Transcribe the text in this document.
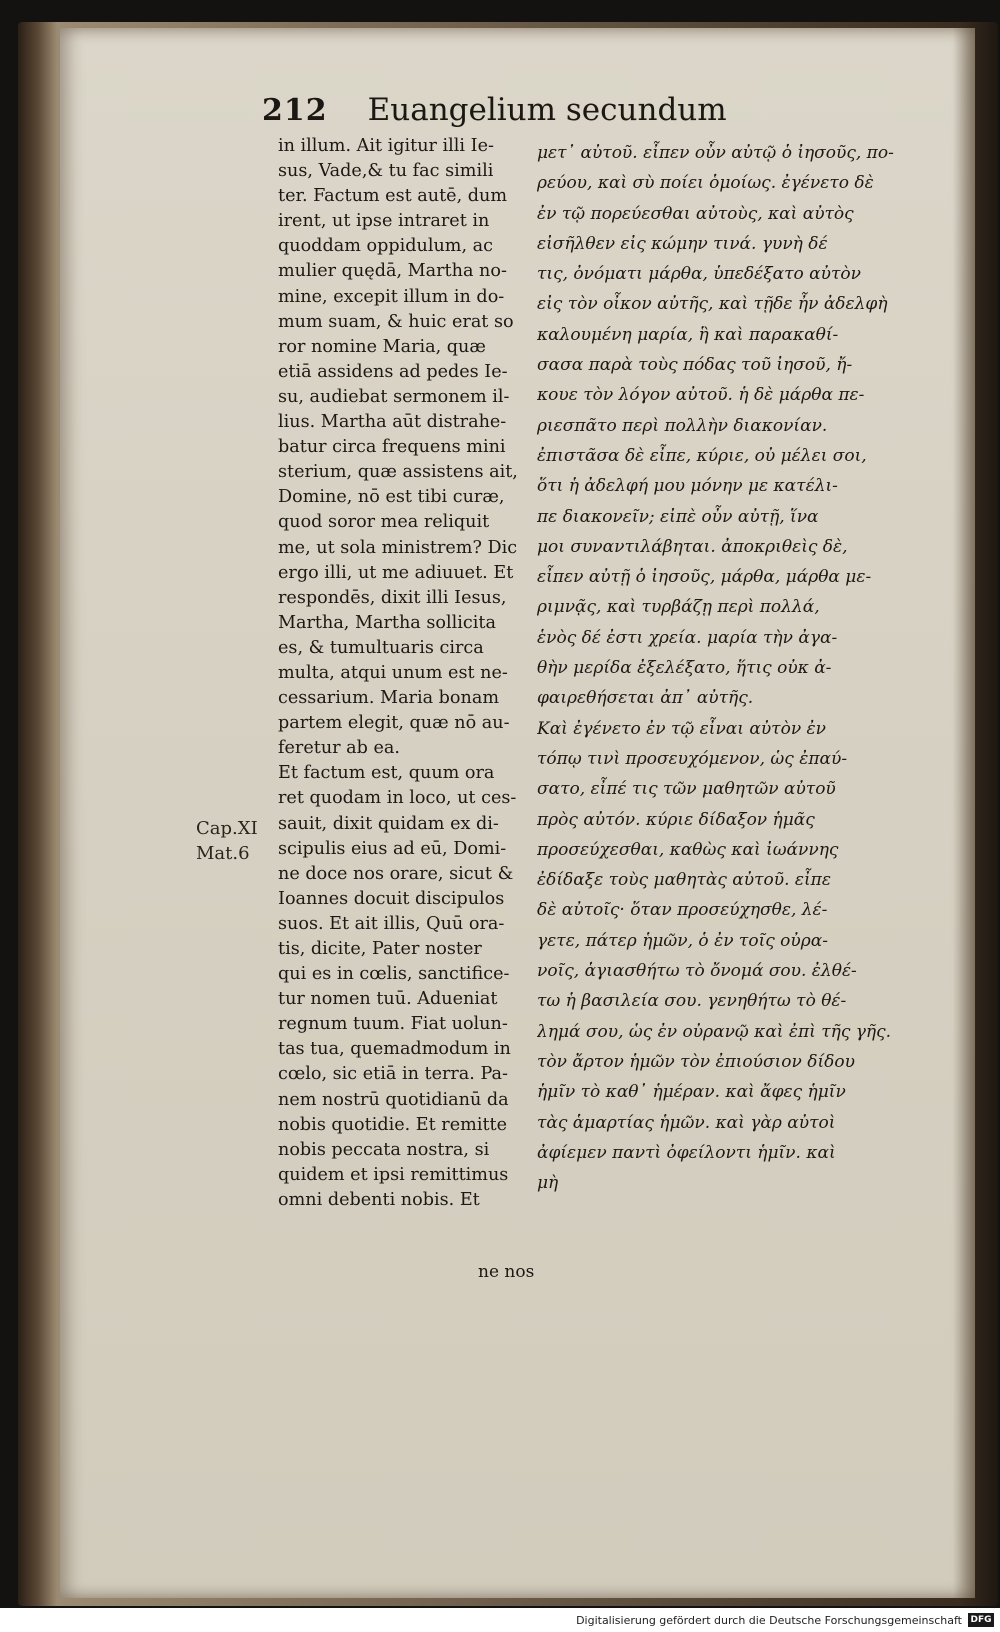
212 Euangelium secundum
Cap.XI
Mat.6
in illum. Ait igitur illi Ie-
sus, Vade,& tu fac simili
ter. Factum est autē, dum
irent, ut ipse intraret in
quoddam oppidulum, ac
mulier quędā, Martha no-
mine, excepit illum in do-
mum suam, & huic erat so
ror nomine Maria, quæ
etiā assidens ad pedes Ie-
su, audiebat sermonem il-
lius. Martha aūt distrahe-
batur circa frequens mini
sterium, quæ assistens ait,
Domine, nō est tibi curæ,
quod soror mea reliquit
me, ut sola ministrem? Dic
ergo illi, ut me adiuuet. Et
respondēs, dixit illi Iesus,
Martha, Martha sollicita
es, & tumultuaris circa
multa, atqui unum est ne-
cessarium. Maria bonam
partem elegit, quæ nō au-
feretur ab ea.
Et factum est, quum ora
ret quodam in loco, ut ces-
sauit, dixit quidam ex di-
scipulis eius ad eū, Domi-
ne doce nos orare, sicut &
Ioannes docuit discipulos
suos. Et ait illis, Quū ora-
tis, dicite, Pater noster
qui es in cœlis, sanctifice-
tur nomen tuū. Adueniat
regnum tuum. Fiat uolun-
tas tua, quemadmodum in
cœlo, sic etiā in terra. Pa-
nem nostrū quotidianū da
nobis quotidie. Et remitte
nobis peccata nostra, si
quidem et ipsi remittimus
omni debenti nobis. Et
μετ᾽ αὐτοῦ. εἶπεν οὖν αὐτῷ ὁ ἰησοῦς, πο-
ρεύου, καὶ σὺ ποίει ὁμοίως. ἐγένετο δὲ
ἐν τῷ πορεύεσθαι αὐτοὺς, καὶ αὐτὸς
εἰσῆλθεν εἰς κώμην τινά. γυνὴ δέ
τις, ὀνόματι μάρθα, ὑπεδέξατο αὐτὸν
εἰς τὸν οἶκον αὐτῆς, καὶ τῇδε ἦν ἀδελφὴ
καλουμένη μαρία, ἣ καὶ παρακαθί-
σασα παρὰ τοὺς πόδας τοῦ ἰησοῦ, ἤ-
κουε τὸν λόγον αὐτοῦ. ἡ δὲ μάρθα πε-
ριεσπᾶτο περὶ πολλὴν διακονίαν.
ἐπιστᾶσα δὲ εἶπε, κύριε, οὐ μέλει σοι,
ὅτι ἡ ἀδελφή μου μόνην με κατέλι-
πε διακονεῖν; εἰπὲ οὖν αὐτῇ, ἵνα
μοι συναντιλάβηται. ἀποκριθεὶς δὲ,
εἶπεν αὐτῇ ὁ ἰησοῦς, μάρθα, μάρθα με-
ριμνᾷς, καὶ τυρβάζῃ περὶ πολλά,
ἑνὸς δέ ἐστι χρεία. μαρία τὴν ἀγα-
θὴν μερίδα ἐξελέξατο, ἥτις οὐκ ἀ-
φαιρεθήσεται ἀπ᾽ αὐτῆς.
Καὶ ἐγένετο ἐν τῷ εἶναι αὐτὸν ἐν
τόπῳ τινὶ προσευχόμενον, ὡς ἐπαύ-
σατο, εἶπέ τις τῶν μαθητῶν αὐτοῦ
πρὸς αὐτόν. κύριε δίδαξον ἡμᾶς
προσεύχεσθαι, καθὼς καὶ ἰωάννης
ἐδίδαξε τοὺς μαθητὰς αὐτοῦ. εἶπε
δὲ αὐτοῖς· ὅταν προσεύχησθε, λέ-
γετε, πάτερ ἡμῶν, ὁ ἐν τοῖς οὐρα-
νοῖς, ἁγιασθήτω τὸ ὄνομά σου. ἐλθέ-
τω ἡ βασιλεία σου. γενηθήτω τὸ θέ-
λημά σου, ὡς ἐν οὐρανῷ καὶ ἐπὶ τῆς γῆς.
τὸν ἄρτον ἡμῶν τὸν ἐπιούσιον δίδου
ἡμῖν τὸ καθ᾽ ἡμέραν. καὶ ἄφες ἡμῖν
τὰς ἁμαρτίας ἡμῶν. καὶ γὰρ αὐτοὶ
ἀφίεμεν παντὶ ὀφείλοντι ἡμῖν. καὶ
μὴ
ne nos
Digitalisierung gefördert durch die Deutsche Forschungsgemeinschaft DFG
